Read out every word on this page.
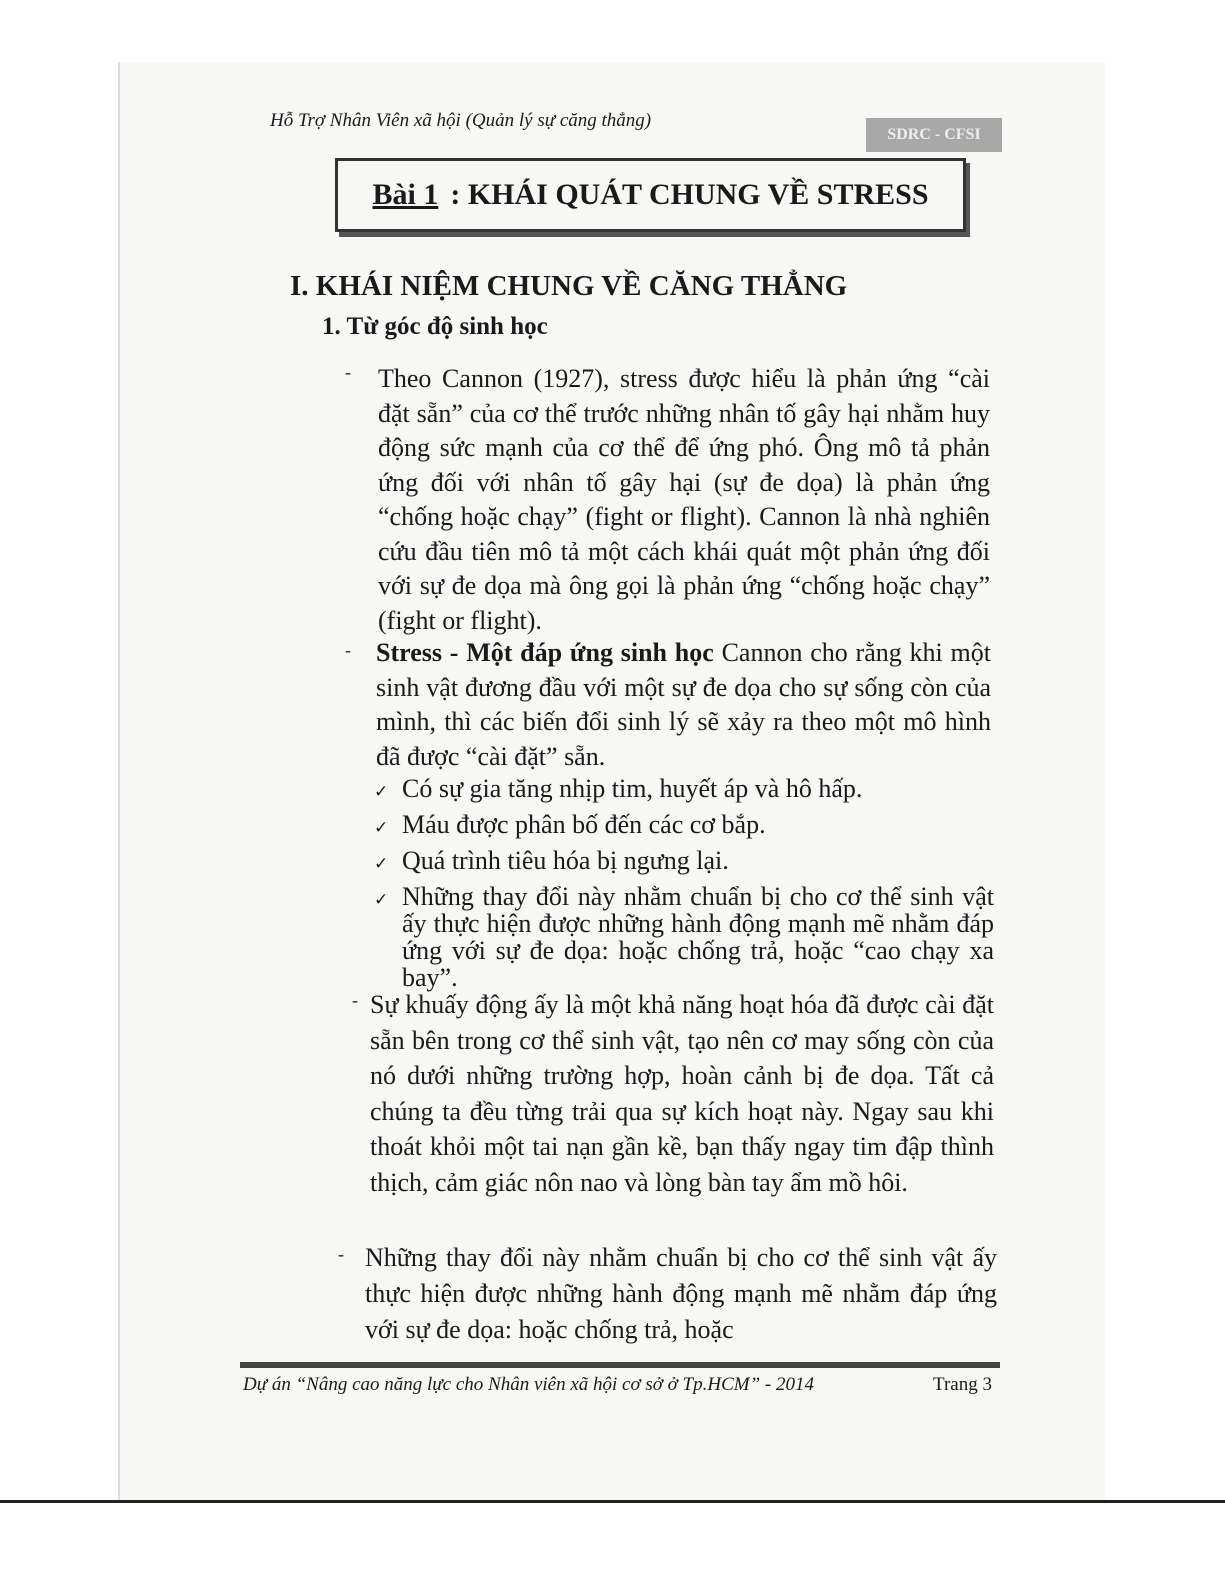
Hỗ Trợ Nhân Viên xã hội (Quản lý sự căng thẳng)
SDRC - CFSI
Bài 1 : KHÁI QUÁT CHUNG VỀ STRESS
I. KHÁI NIỆM CHUNG VỀ CĂNG THẲNG
1. Từ góc độ sinh học
- Theo Cannon (1927), stress được hiểu là phản ứng “cài đặt sẵn” của cơ thể trước những nhân tố gây hại nhằm huy động sức mạnh của cơ thể để ứng phó. Ông mô tả phản ứng đối với nhân tố gây hại (sự đe dọa) là phản ứng “chống hoặc chạy” (fight or flight). Cannon là nhà nghiên cứu đầu tiên mô tả một cách khái quát một phản ứng đối với sự đe dọa mà ông gọi là phản ứng “chống hoặc chạy” (fight or flight).
- Stress - Một đáp ứng sinh học Cannon cho rằng khi một sinh vật đương đầu với một sự đe dọa cho sự sống còn của mình, thì các biến đổi sinh lý sẽ xảy ra theo một mô hình đã được “cài đặt” sẵn.
✓ Có sự gia tăng nhịp tim, huyết áp và hô hấp.
✓ Máu được phân bố đến các cơ bắp.
✓ Quá trình tiêu hóa bị ngưng lại.
✓ Những thay đổi này nhằm chuẩn bị cho cơ thể sinh vật ấy thực hiện được những hành động mạnh mẽ nhằm đáp ứng với sự đe dọa: hoặc chống trả, hoặc “cao chạy xa bay”.
- Sự khuấy động ấy là một khả năng hoạt hóa đã được cài đặt sẵn bên trong cơ thể sinh vật, tạo nên cơ may sống còn của nó dưới những trường hợp, hoàn cảnh bị đe dọa. Tất cả chúng ta đều từng trải qua sự kích hoạt này. Ngay sau khi thoát khỏi một tai nạn gần kề, bạn thấy ngay tim đập thình thịch, cảm giác nôn nao và lòng bàn tay ẩm mồ hôi.
- Những thay đổi này nhằm chuẩn bị cho cơ thể sinh vật ấy thực hiện được những hành động mạnh mẽ nhằm đáp ứng với sự đe dọa: hoặc chống trả, hoặc
Dự án “Nâng cao năng lực cho Nhân viên xã hội cơ sở ở Tp.HCM” - 2014	Trang 3
